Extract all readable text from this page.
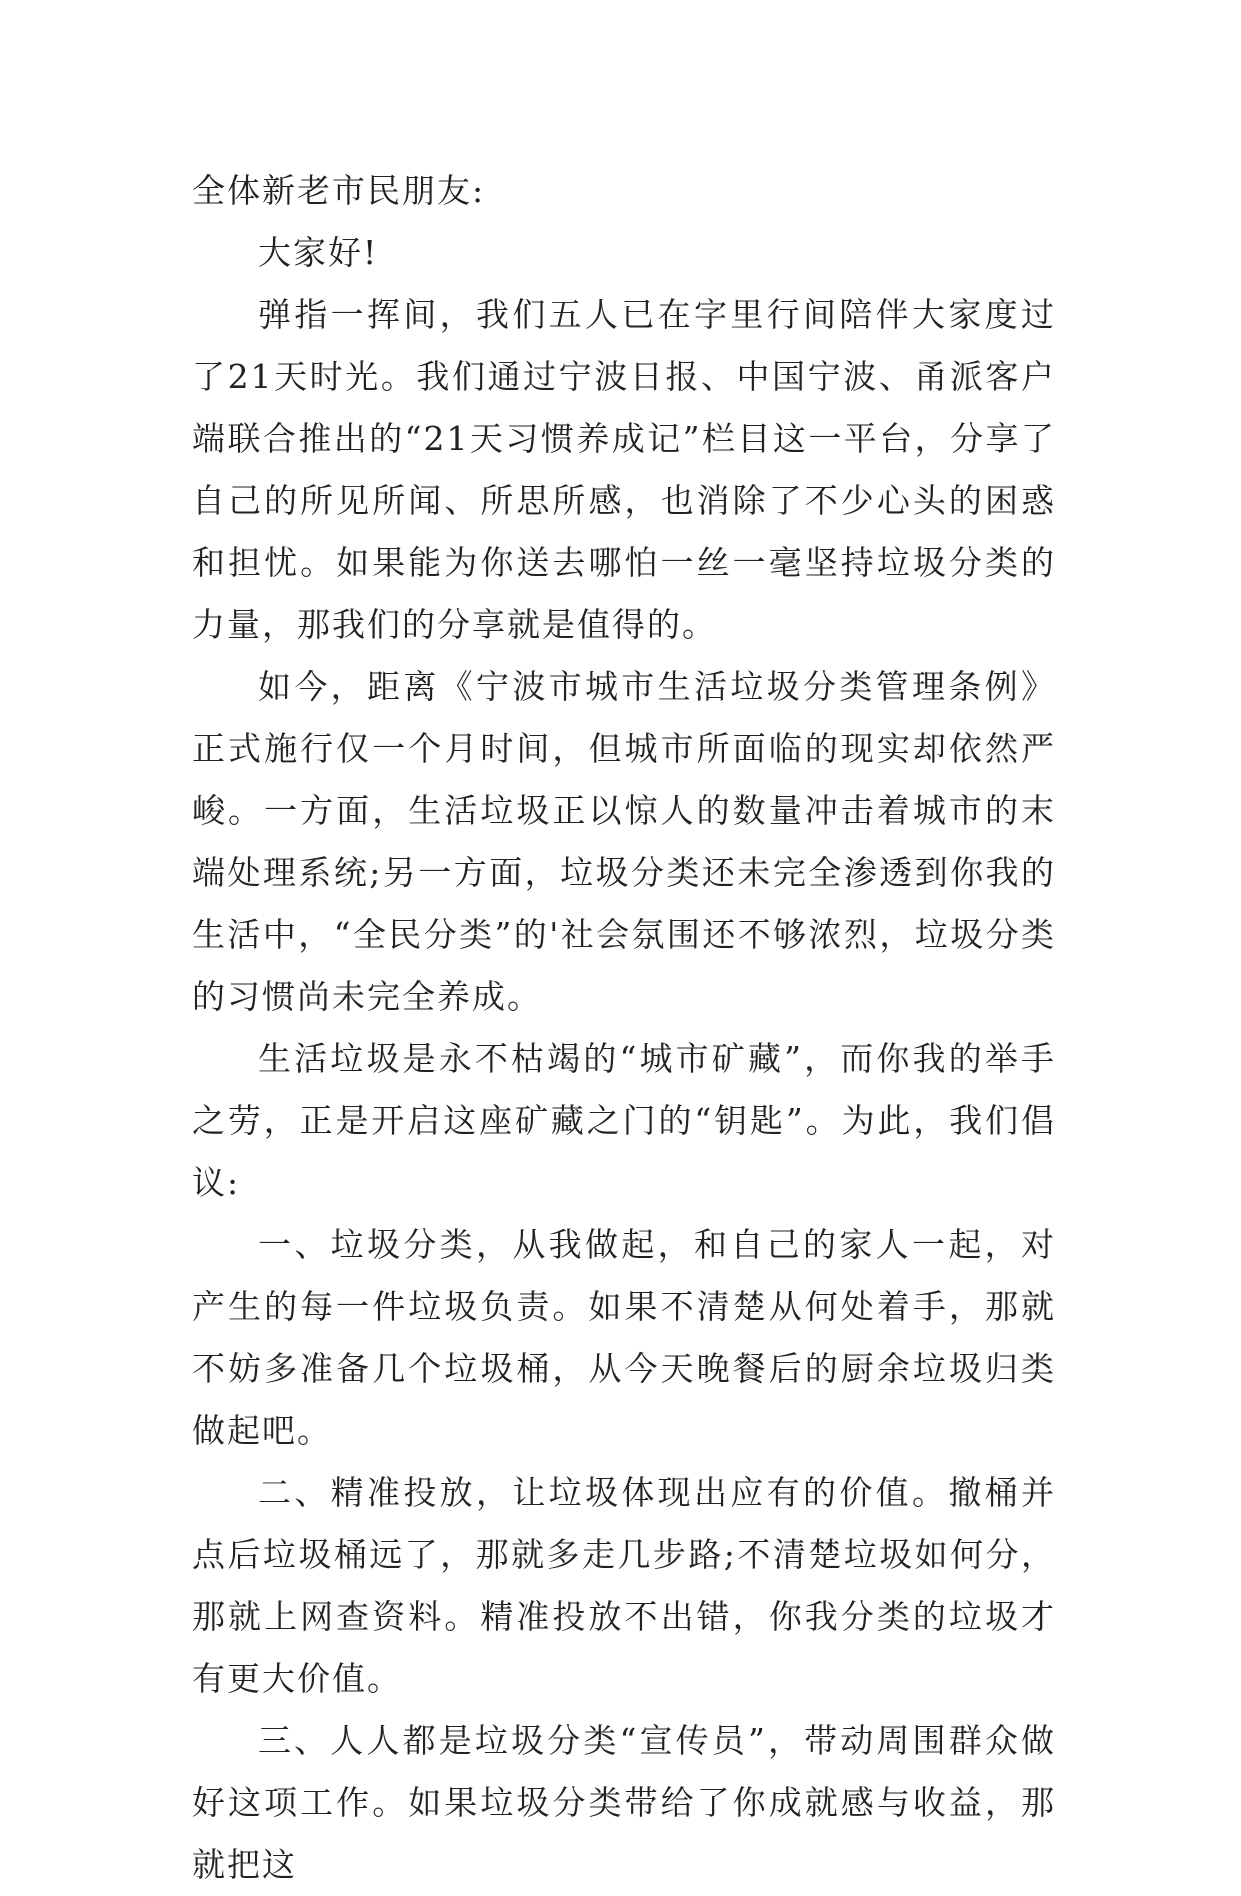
全体新老市民朋友:

大家好!

弹指一挥间，我们五人已在字里行间陪伴大家度过了21天时光。我们通过宁波日报、中国宁波、甬派客户端联合推出的“21天习惯养成记”栏目这一平台，分享了自己的所见所闻、所思所感，也消除了不少心头的困惑和担忧。如果能为你送去哪怕一丝一毫坚持垃圾分类的力量，那我们的分享就是值得的。

如今，距离《宁波市城市生活垃圾分类管理条例》正式施行仅一个月时间，但城市所面临的现实却依然严峻。一方面，生活垃圾正以惊人的数量冲击着城市的末端处理系统;另一方面，垃圾分类还未完全渗透到你我的生活中，“全民分类”的'社会氛围还不够浓烈，垃圾分类的习惯尚未完全养成。

生活垃圾是永不枯竭的“城市矿藏”，而你我的举手之劳，正是开启这座矿藏之门的“钥匙”。为此，我们倡议:

一、垃圾分类，从我做起，和自己的家人一起，对产生的每一件垃圾负责。如果不清楚从何处着手，那就不妨多准备几个垃圾桶，从今天晚餐后的厨余垃圾归类做起吧。

二、精准投放，让垃圾体现出应有的价值。撤桶并点后垃圾桶远了，那就多走几步路;不清楚垃圾如何分，那就上网查资料。精准投放不出错，你我分类的垃圾才有更大价值。

三、人人都是垃圾分类“宣传员”，带动周围群众做好这项工作。如果垃圾分类带给了你成就感与收益，那就把这
